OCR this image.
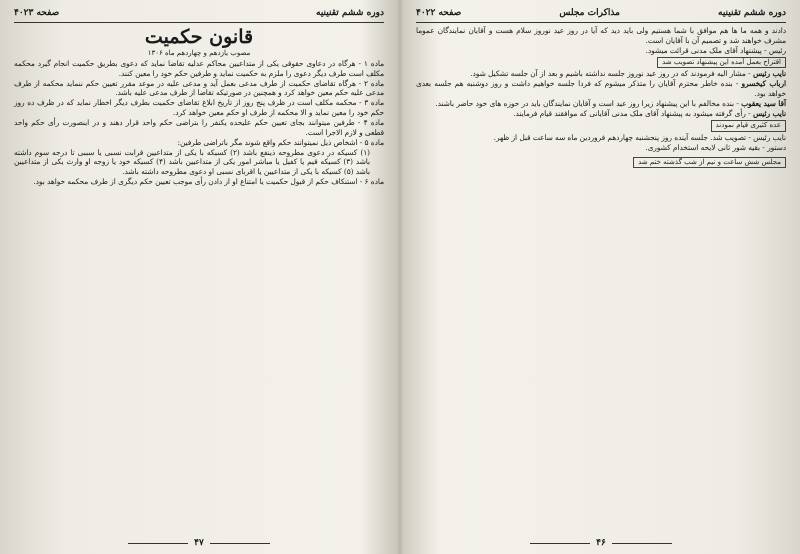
دوره ششم تقنینیه
صفحه ۴۰۲۳
قانون حکمیت
مصوب یازدهم و چهاردهم ماه ۱۳۰۶

ماده ۱ - هرگاه در دعاوی حقوقی یکی از متداعیین محاکم عدلیه تقاضا نماید که دعوی بطریق حکمیت انجام گیرد محکمه مکلف است طرف دیگر دعوی را ملزم به حکمیت نماید و طرفین حکم خود را معین کنند.

ماده ۲ - هرگاه تقاضای حکمیت از طرف مدعی بعمل آید و مدعی علیه در موعد مقرر تعیین حکم ننماید محکمه از طرف مدعی علیه حکم معین خواهد کرد و همچنین در صورتیکه تقاضا از طرف مدعی علیه باشد.

ماده ۳ - محکمه مکلف است در ظرف پنج روز از تاریخ ابلاغ تقاضای حکمیت بطرف دیگر اخطار نماید که در ظرف ده روز حکم خود را معین نماید و الا محکمه از طرف او حکم معین خواهد کرد.

ماده ۴ - طرفین میتوانند بجای تعیین حکم علیحده یکنفر را بتراضی حکم واحد قرار دهند و در اینصورت رأی حکم واحد قطعی و لازم الاجرا است.

ماده ۵ - اشخاص ذیل نمیتوانند حکم واقع شوند مگر باتراضی طرفین:

(۱) کسیکه در دعوی مطروحه ذینفع باشد (۲) کسیکه با یکی از متداعیین قرابت نسبی یا سببی تا درجه سوم داشته باشد (۳) کسیکه قیم یا کفیل یا مباشر امور یکی از متداعیین باشد (۴) کسیکه خود یا زوجه او وارث یکی از متداعیین باشد (۵) کسیکه با یکی از متداعیین یا اقربای نسبی او دعوی مطروحه داشته باشد.

ماده ۶ - استنکاف حکم از قبول حکمیت یا امتناع او از دادن رأی موجب تعیین حکم دیگری از طرف محکمه خواهد بود.

۴۷
دوره ششم تقنینیه
مذاکرات مجلس
صفحه ۴۰۲۲

دادند و همه ما ها هم موافق با شما هستیم ولی باید دید که آیا در روز عید نوروز سلام هست و آقایان نمایندگان عموما مشرف خواهند شد و تصمیم آن با آقایان است.

رئیس - پیشنهاد آقای ملک مدنی قرائت میشود.

اقتراح بعمل آمده این پیشنهاد تصویب شد

نایب رئیس - مشار الیه فرمودند که در روز عید نوروز جلسه نداشته باشیم و بعد از آن جلسه تشکیل شود.

ارباب کیخسرو - بنده خاطر محترم آقایان را متذکر میشوم که فردا جلسه خواهیم داشت و روز دوشنبه هم جلسه بعدی خواهد بود.

آقا سید یعقوب - بنده مخالفم با این پیشنهاد زیرا روز عید است و آقایان نمایندگان باید در حوزه های خود حاضر باشند.

نایب رئیس - رأی گرفته میشود به پیشنهاد آقای ملک مدنی آقایانی که موافقند قیام فرمایند.

عده کثیری قیام نمودند

نایب رئیس - تصویب شد. جلسه آینده روز پنجشنبه چهاردهم فروردین ماه سه ساعت قبل از ظهر.

دستور - بقیه شور ثانی لایحه استخدام کشوری.

مجلس شش ساعت و نیم از شب گذشته ختم شد
۴۶
